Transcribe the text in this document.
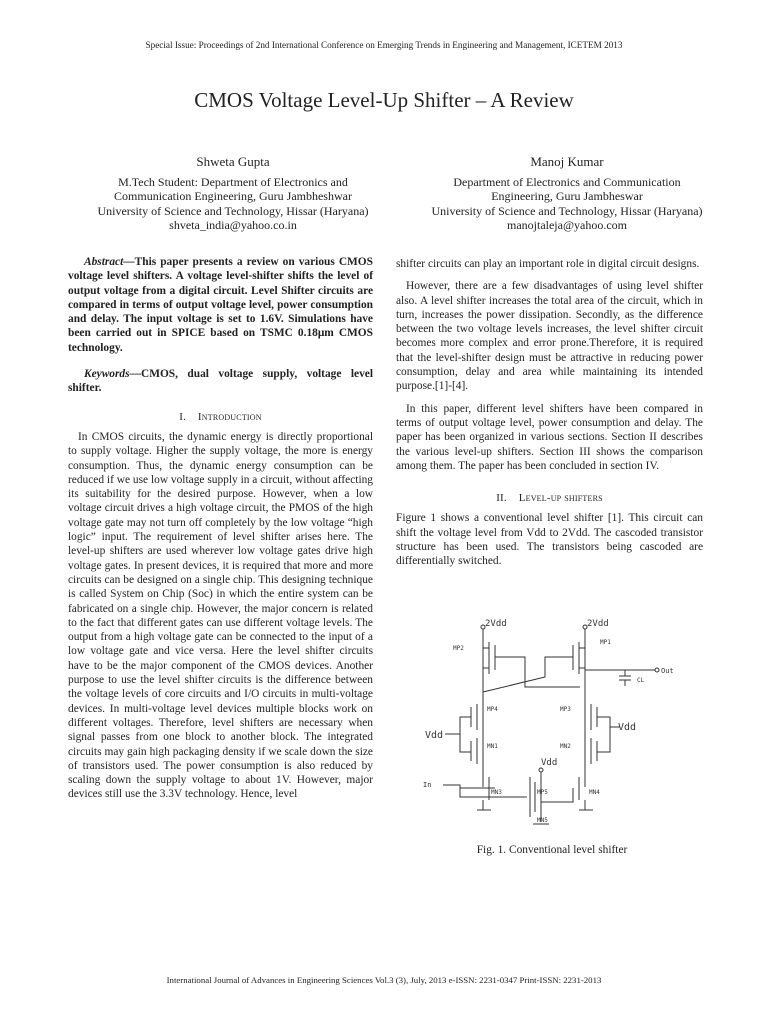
Special Issue: Proceedings of 2nd International Conference on Emerging Trends in Engineering and Management, ICETEM 2013
CMOS Voltage Level-Up Shifter – A Review
Shweta Gupta
M.Tech Student: Department of Electronics and
Communication Engineering, Guru Jambheshwar
University of Science and Technology, Hissar (Haryana)
shveta_india@yahoo.co.in
Manoj Kumar
Department of Electronics and Communication
Engineering, Guru Jambheswar
University of Science and Technology, Hissar (Haryana)
manojtaleja@yahoo.com

Abstract—This paper presents a review on various CMOS voltage level shifters. A voltage level-shifter shifts the level of output voltage from a digital circuit. Level Shifter circuits are compared in terms of output voltage level, power consumption and delay. The input voltage is set to 1.6V. Simulations have been carried out in SPICE based on TSMC 0.18μm CMOS technology.

Keywords—CMOS, dual voltage supply, voltage level shifter.

I. Introduction

In CMOS circuits, the dynamic energy is directly proportional to supply voltage. Higher the supply voltage, the more is energy consumption. Thus, the dynamic energy consumption can be reduced if we use low voltage supply in a circuit, without affecting its suitability for the desired purpose. However, when a low voltage circuit drives a high voltage circuit, the PMOS of the high voltage gate may not turn off completely by the low voltage “high logic” input. The requirement of level shifter arises here. The level-up shifters are used wherever low voltage gates drive high voltage gates. In present devices, it is required that more and more circuits can be designed on a single chip. This designing technique is called System on Chip (Soc) in which the entire system can be fabricated on a single chip. However, the major concern is related to the fact that different gates can use different voltage levels. The output from a high voltage gate can be connected to the input of a low voltage gate and vice versa. Here the level shifter circuits have to be the major component of the CMOS devices. Another purpose to use the level shifter circuits is the difference between the voltage levels of core circuits and I/O circuits in multi-voltage devices. In multi-voltage level devices multiple blocks work on different voltages. Therefore, level shifters are necessary when signal passes from one block to another block. The integrated circuits may gain high packaging density if we scale down the size of transistors used. The power consumption is also reduced by scaling down the supply voltage to about 1V. However, major devices still use the 3.3V technology. Hence, level

shifter circuits can play an important role in digital circuit designs.

However, there are a few disadvantages of using level shifter also. A level shifter increases the total area of the circuit, which in turn, increases the power dissipation. Secondly, as the difference between the two voltage levels increases, the level shifter circuit becomes more complex and error prone.Therefore, it is required that the level-shifter design must be attractive in reducing power consumption, delay and area while maintaining its intended purpose.[1]-[4].

In this paper, different level shifters have been compared in terms of output voltage level, power consumption and delay. The paper has been organized in various sections. Section II describes the various level-up shifters. Section III shows the comparison among them. The paper has been concluded in section IV.

II. Level-up shifters

Figure 1 shows a conventional level shifter [1]. This circuit can shift the voltage level from Vdd to 2Vdd. The cascoded transistor structure has been used. The transistors being cascoded are differentially switched.

2Vdd	2Vdd
MP2
MP1
MP4	MP3
MN1	MN2
MN3	MN4
MP5
MN5
Vdd
Vdd
Vdd
Out
CL
In
Fig. 1. Conventional level shifter
International Journal of Advances in Engineering Sciences Vol.3 (3), July, 2013 e-ISSN: 2231-0347 Print-ISSN: 2231-2013
